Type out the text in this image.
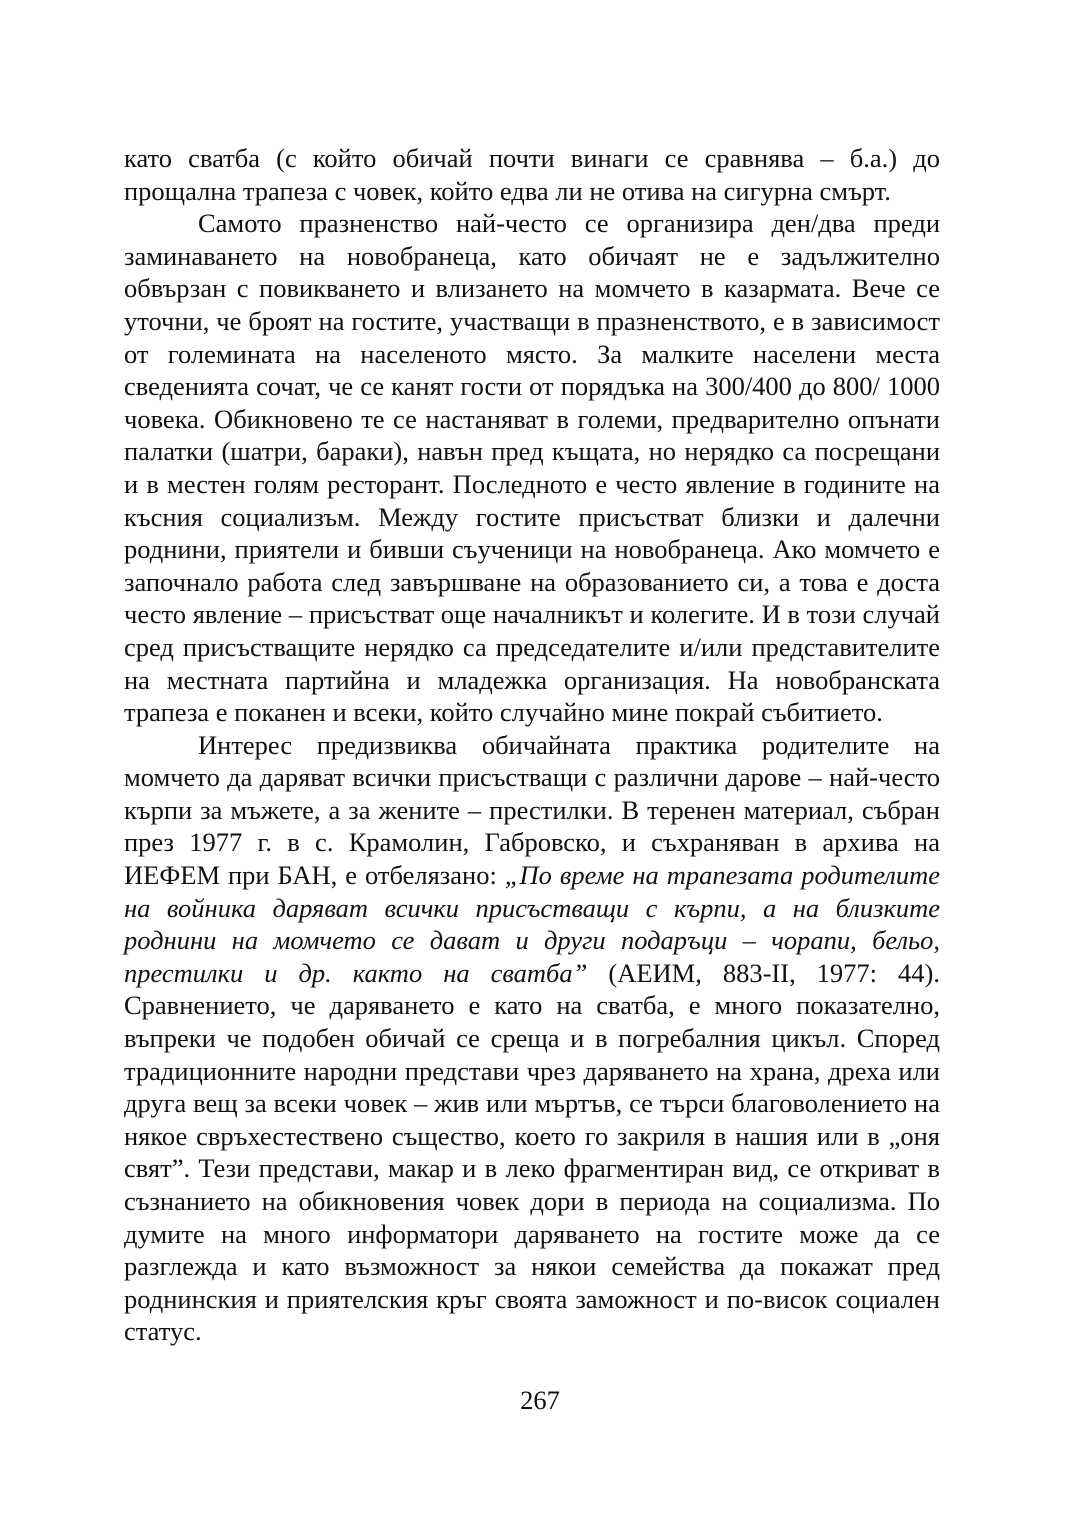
като сватба (с който обичай почти винаги се сравнява – б.а.) до прощална трапеза с човек, който едва ли не отива на сигурна смърт.

Самото празненство най-често се организира ден/два преди заминаването на новобранеца, като обичаят не е задължително обвързан с повикването и влизането на момчето в казармата. Вече се уточни, че броят на гостите, участващи в празненството, е в зависимост от големината на населеното място. За малките населени места сведенията сочат, че се канят гости от порядъка на 300/400 до 800/ 1000 човека. Обикновено те се настаняват в големи, предварително опънати палатки (шатри, бараки), навън пред къщата, но нерядко са посрещани и в местен голям ресторант. Последното е често явление в годините на късния социализъм. Между гостите присъстват близки и далечни роднини, приятели и бивши съученици на новобранеца. Ако момчето е започнало работа след завършване на образованието си, а това е доста често явление – присъстват още началникът и колегите. И в този случай сред присъстващите нерядко са председателите и/или представителите на местната партийна и младежка организация. На новобранската трапеза е поканен и всеки, който случайно мине покрай събитието.

Интерес предизвиква обичайната практика родителите на момчето да даряват всички присъстващи с различни дарове – най-често кърпи за мъжете, а за жените – престилки. В теренен материал, събран през 1977 г. в с. Крамолин, Габровско, и съхраняван в архива на ИЕФЕМ при БАН, е отбелязано: „По време на трапезата родителите на войника даряват всички присъстващи с кърпи, а на близките роднини на момчето се дават и други подаръци – чорапи, бельо, престилки и др. както на сватба” (АЕИМ, 883-II, 1977: 44). Сравнението, че даряването е като на сватба, е много показателно, въпреки че подобен обичай се среща и в погребалния цикъл. Според традиционните народни представи чрез даряването на храна, дреха или друга вещ за всеки човек – жив или мъртъв, се търси благоволението на някое свръхестествено същество, което го закриля в нашия или в „оня свят”. Тези представи, макар и в леко фрагментиран вид, се откриват в съзнанието на обикновения човек дори в периода на социализма. По думите на много информатори даряването на гостите може да се разглежда и като възможност за някои семейства да покажат пред роднинския и приятелския кръг своята заможност и по-висок социален статус.

267
